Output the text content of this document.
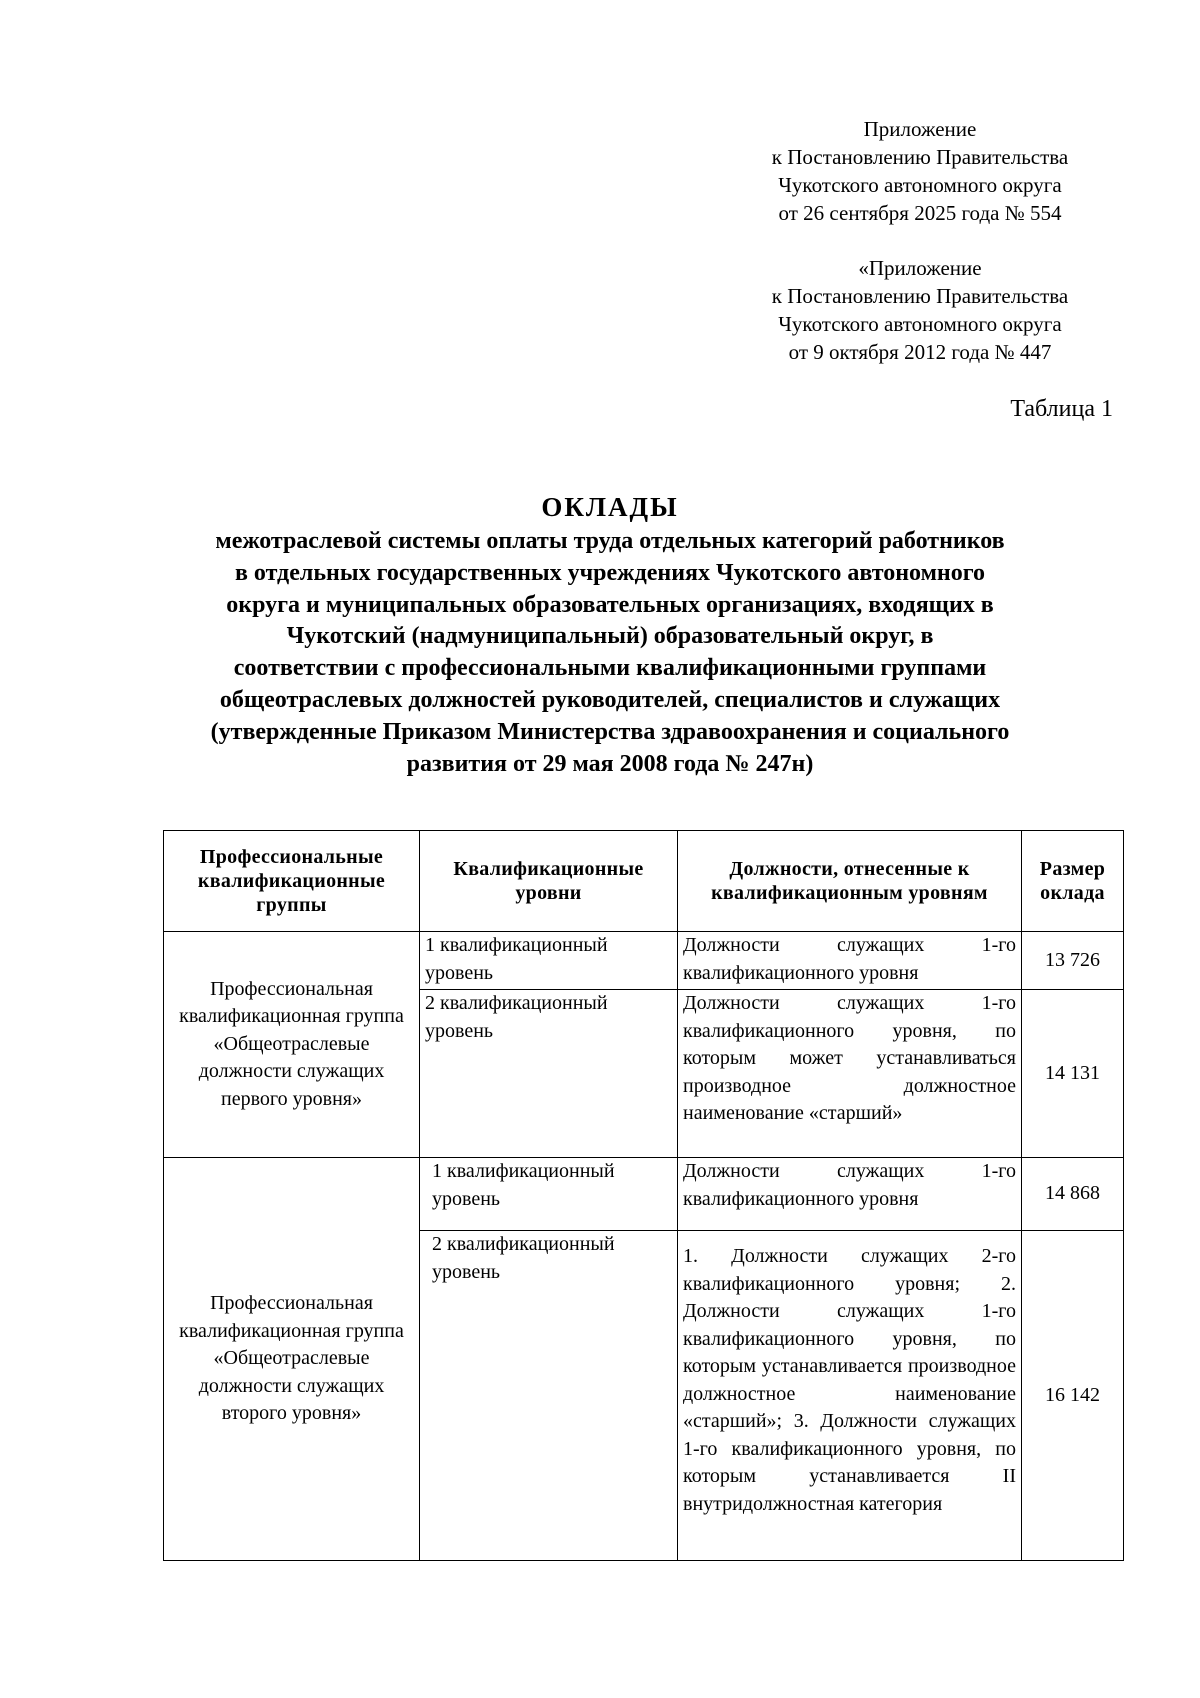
Приложение
к Постановлению Правительства
Чукотского автономного округа
от 26 сентября 2025 года № 554
«Приложение
к Постановлению Правительства
Чукотского автономного округа
от 9 октября 2012 года № 447
Таблица 1
ОКЛАДЫ
межотраслевой системы оплаты труда отдельных категорий работников
в отдельных государственных учреждениях Чукотского автономного
округа и муниципальных образовательных организациях, входящих в
Чукотский (надмуниципальный) образовательный округ, в
соответствии с профессиональными квалификационными группами
общеотраслевых должностей руководителей, специалистов и служащих
(утвержденные Приказом Министерства здравоохранения и социального
развития от 29 мая 2008 года № 247н)
Профессиональные квалификационные группы	Квалификационные уровни	Должности, отнесенные к квалификационным уровням	Размер оклада
Профессиональная квалификационная группа «Общеотраслевые должности служащих первого уровня»	1 квалификационный уровень	Должности служащих 1-го квалификационного уровня	13 726
	2 квалификационный уровень	Должности служащих 1-го квалификационного уровня, по которым может устанавливаться производное должностное наименование «старший»	14 131
Профессиональная квалификационная группа «Общеотраслевые должности служащих второго уровня»	1 квалификационный уровень	Должности служащих 1-го квалификационного уровня	14 868
	2 квалификационный уровень	1. Должности служащих 2-го квалификационного уровня; 2. Должности служащих 1-го квалификационного уровня, по которым устанавливается производное должностное наименование «старший»; 3. Должности служащих 1-го квалификационного уровня, по которым устанавливается II внутридолжностная категория	16 142
